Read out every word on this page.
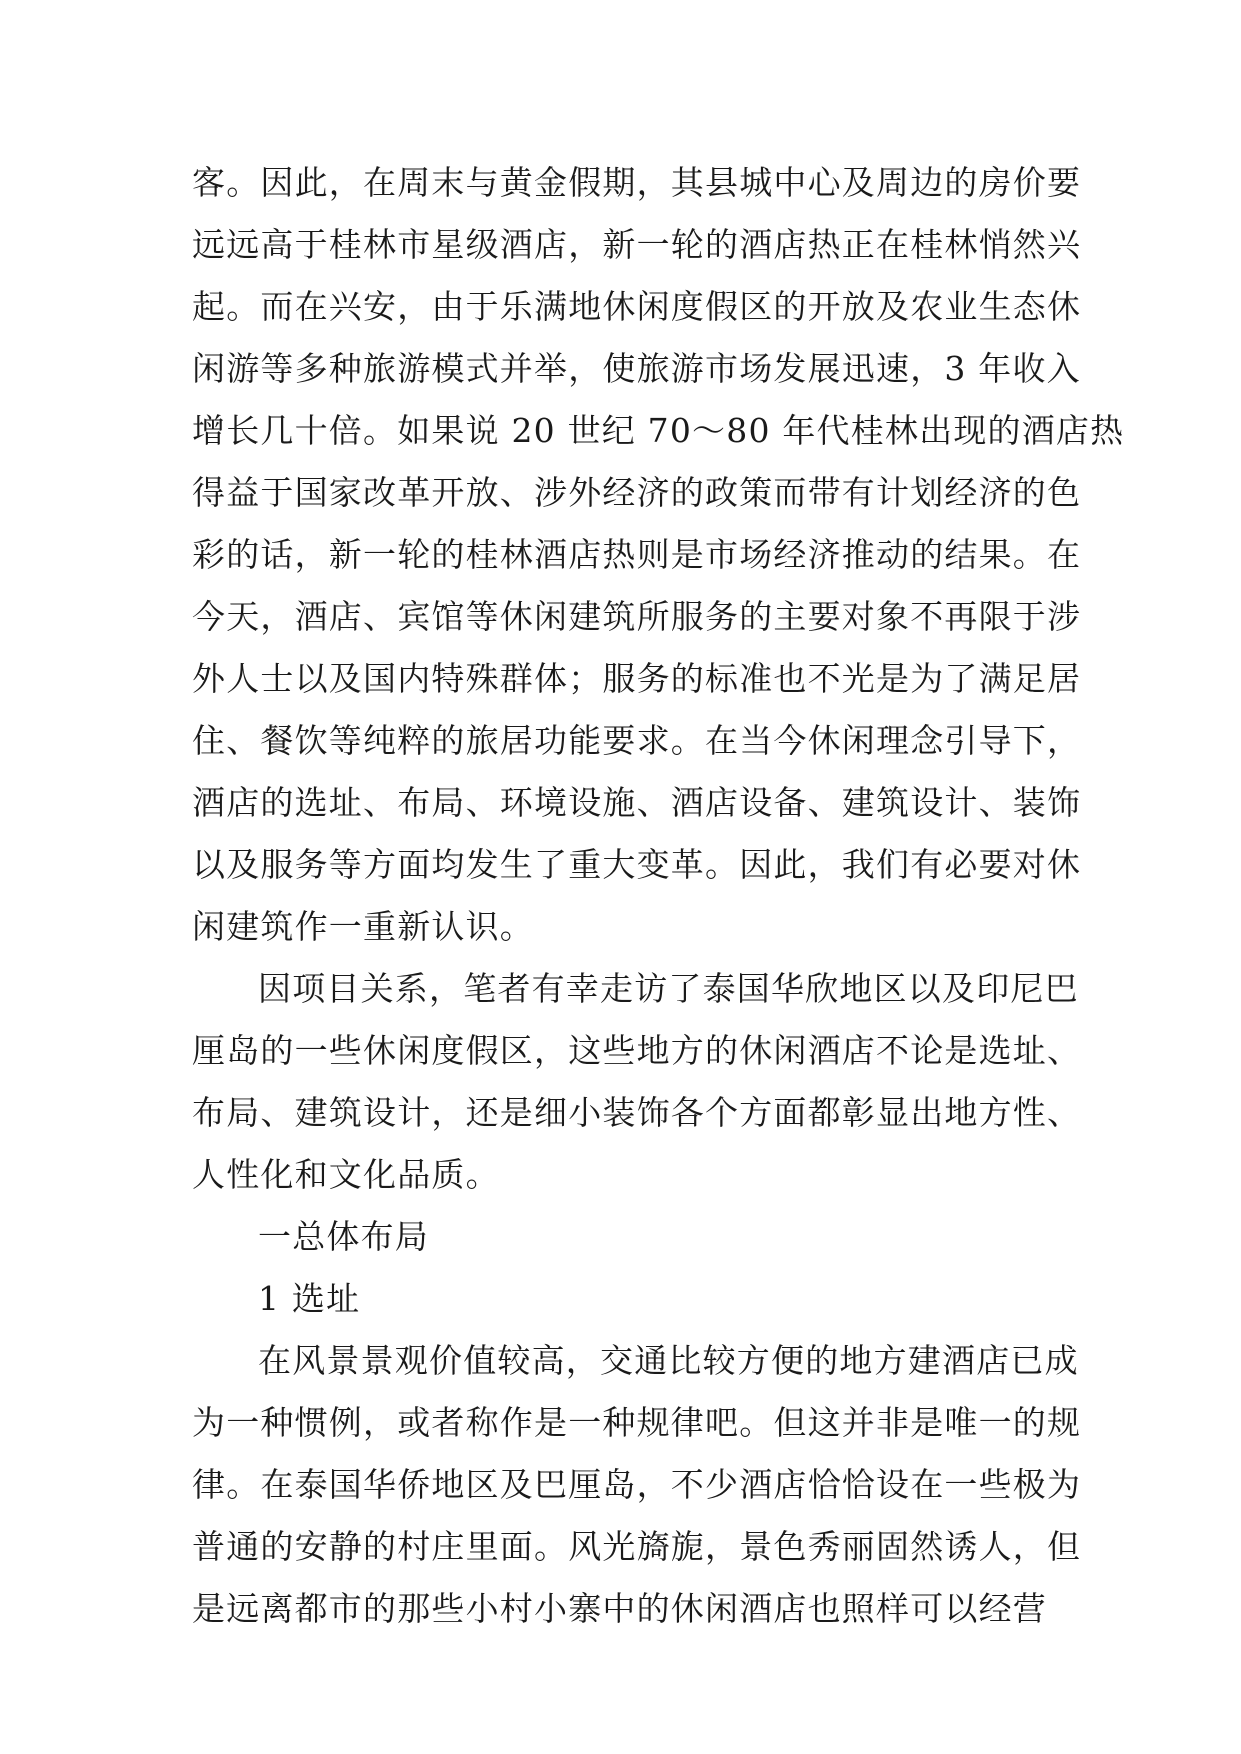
客。因此，在周末与黄金假期，其县城中心及周边的房价要
远远高于桂林市星级酒店，新一轮的酒店热正在桂林悄然兴
起。而在兴安，由于乐满地休闲度假区的开放及农业生态休
闲游等多种旅游模式并举，使旅游市场发展迅速，3 年收入
增长几十倍。如果说 20 世纪 70～80 年代桂林出现的酒店热
得益于国家改革开放、涉外经济的政策而带有计划经济的色
彩的话，新一轮的桂林酒店热则是市场经济推动的结果。在
今天，酒店、宾馆等休闲建筑所服务的主要对象不再限于涉
外人士以及国内特殊群体；服务的标准也不光是为了满足居
住、餐饮等纯粹的旅居功能要求。在当今休闲理念引导下，
酒店的选址、布局、环境设施、酒店设备、建筑设计、装饰
以及服务等方面均发生了重大变革。因此，我们有必要对休
闲建筑作一重新认识。
因项目关系，笔者有幸走访了泰国华欣地区以及印尼巴
厘岛的一些休闲度假区，这些地方的休闲酒店不论是选址、
布局、建筑设计，还是细小装饰各个方面都彰显出地方性、
人性化和文化品质。
一总体布局
1 选址
在风景景观价值较高，交通比较方便的地方建酒店已成
为一种惯例，或者称作是一种规律吧。但这并非是唯一的规
律。在泰国华侨地区及巴厘岛，不少酒店恰恰设在一些极为
普通的安静的村庄里面。风光旖旎，景色秀丽固然诱人，但
是远离都市的那些小村小寨中的休闲酒店也照样可以经营
